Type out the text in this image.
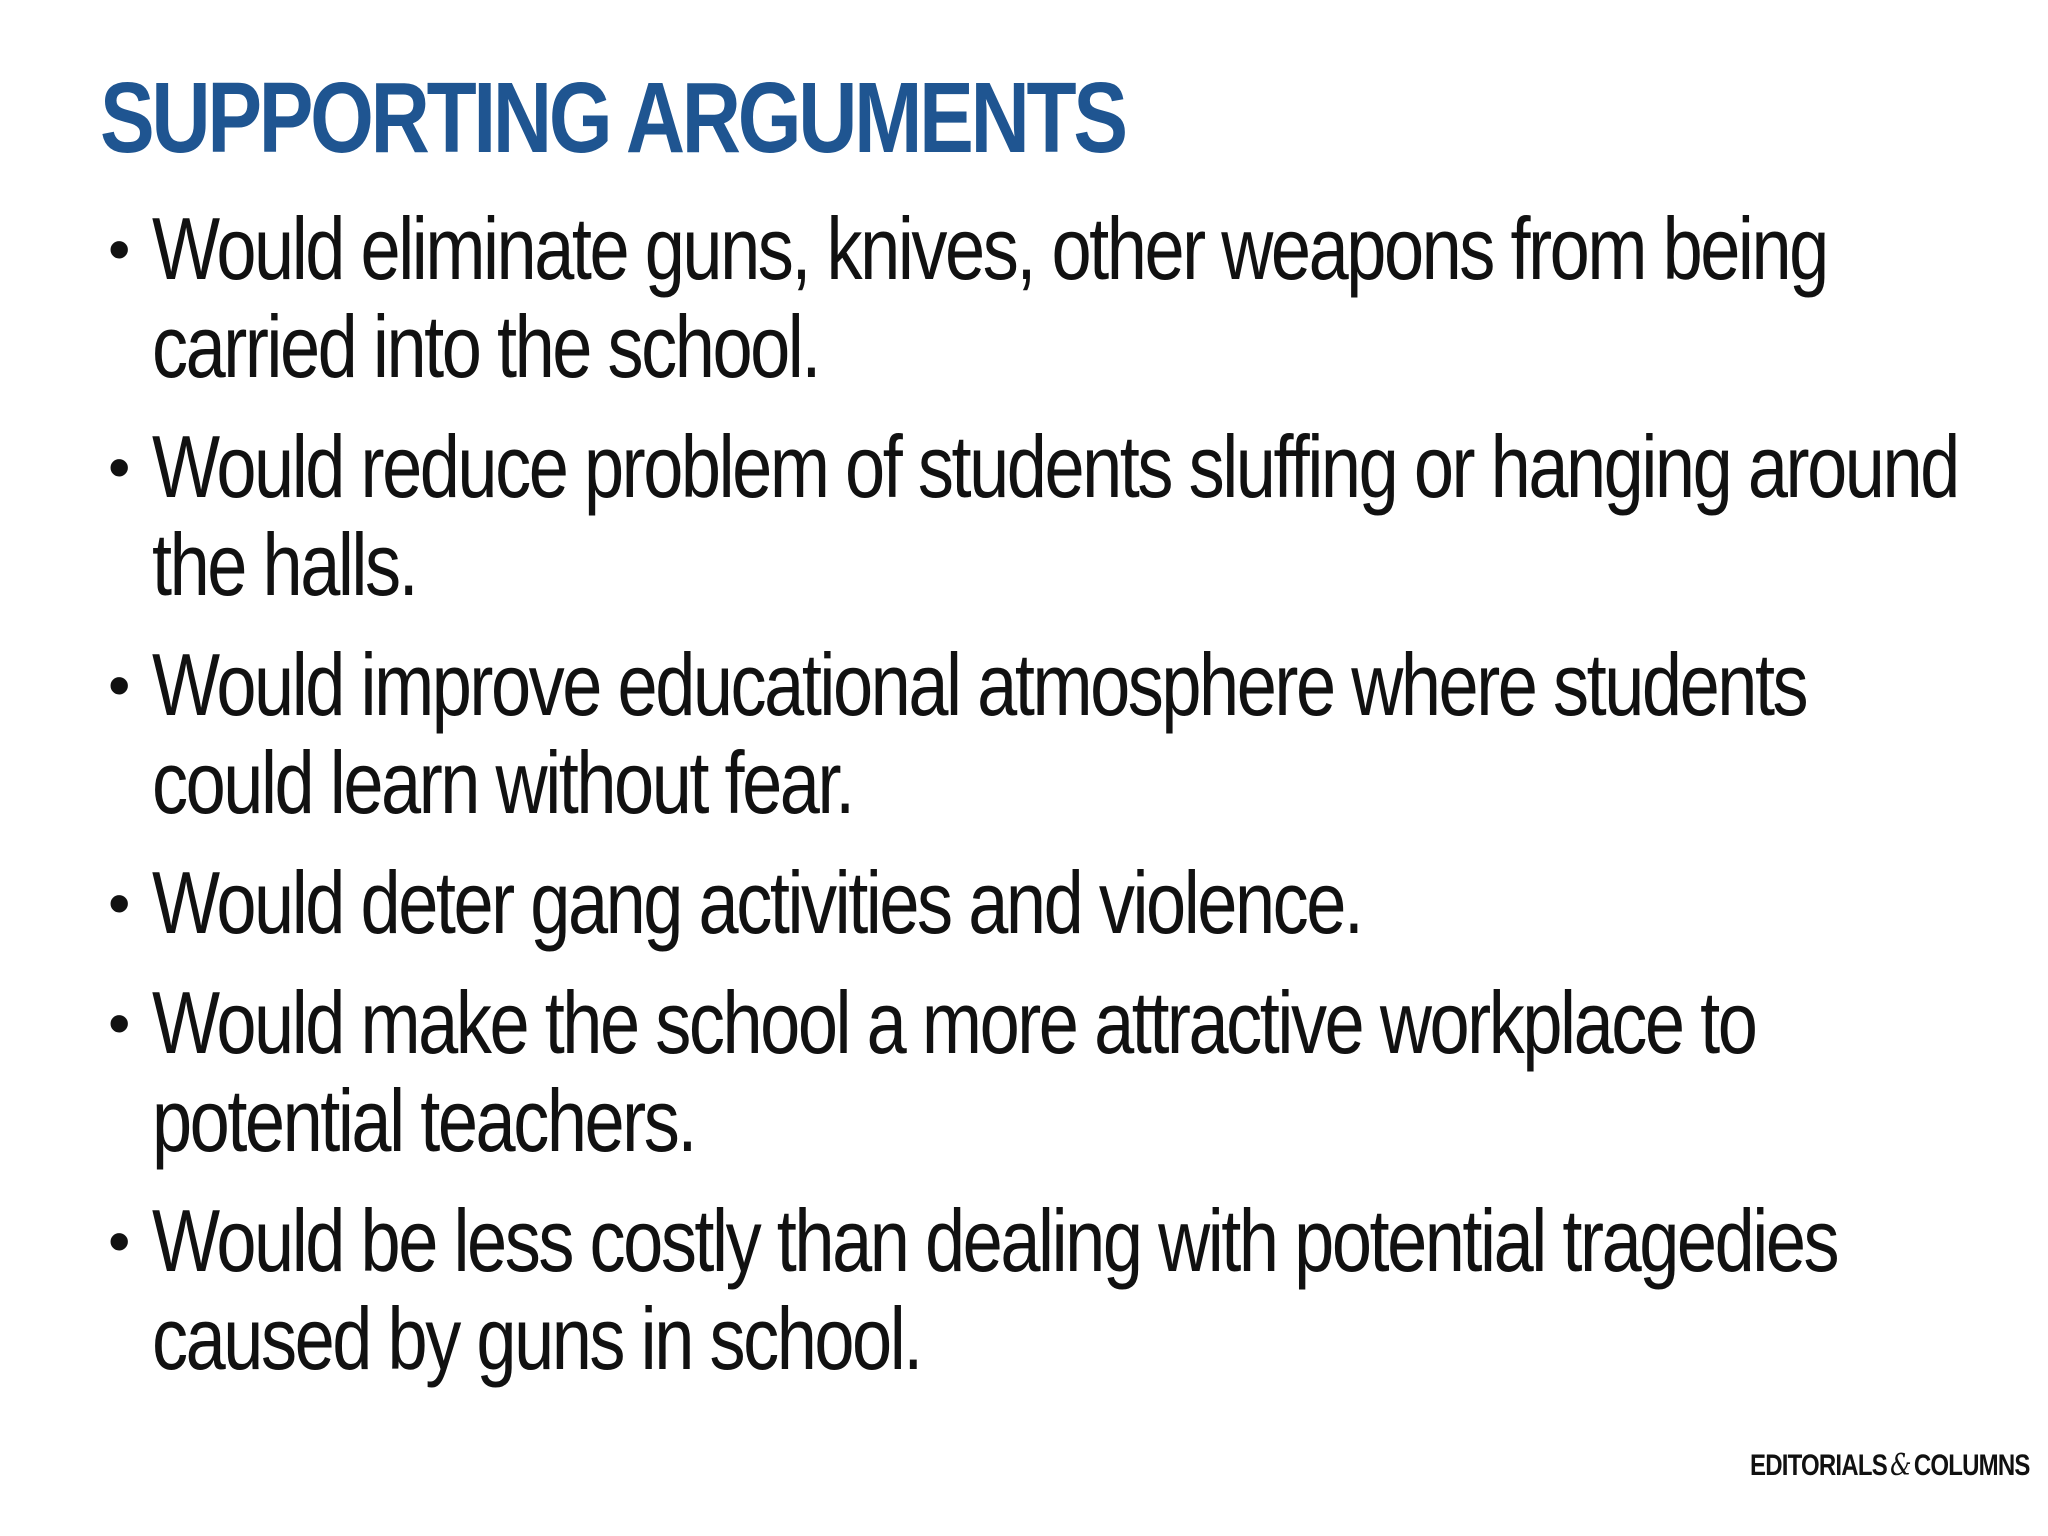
SUPPORTING ARGUMENTS
• Would eliminate guns, knives, other weapons from being
carried into the school.
• Would reduce problem of students sluffing or hanging around
the halls.
• Would improve educational atmosphere where students
could learn without fear.
• Would deter gang activities and violence.
• Would make the school a more attractive workplace to
potential teachers.
• Would be less costly than dealing with potential tragedies
caused by guns in school.
EDITORIALS & COLUMNS
